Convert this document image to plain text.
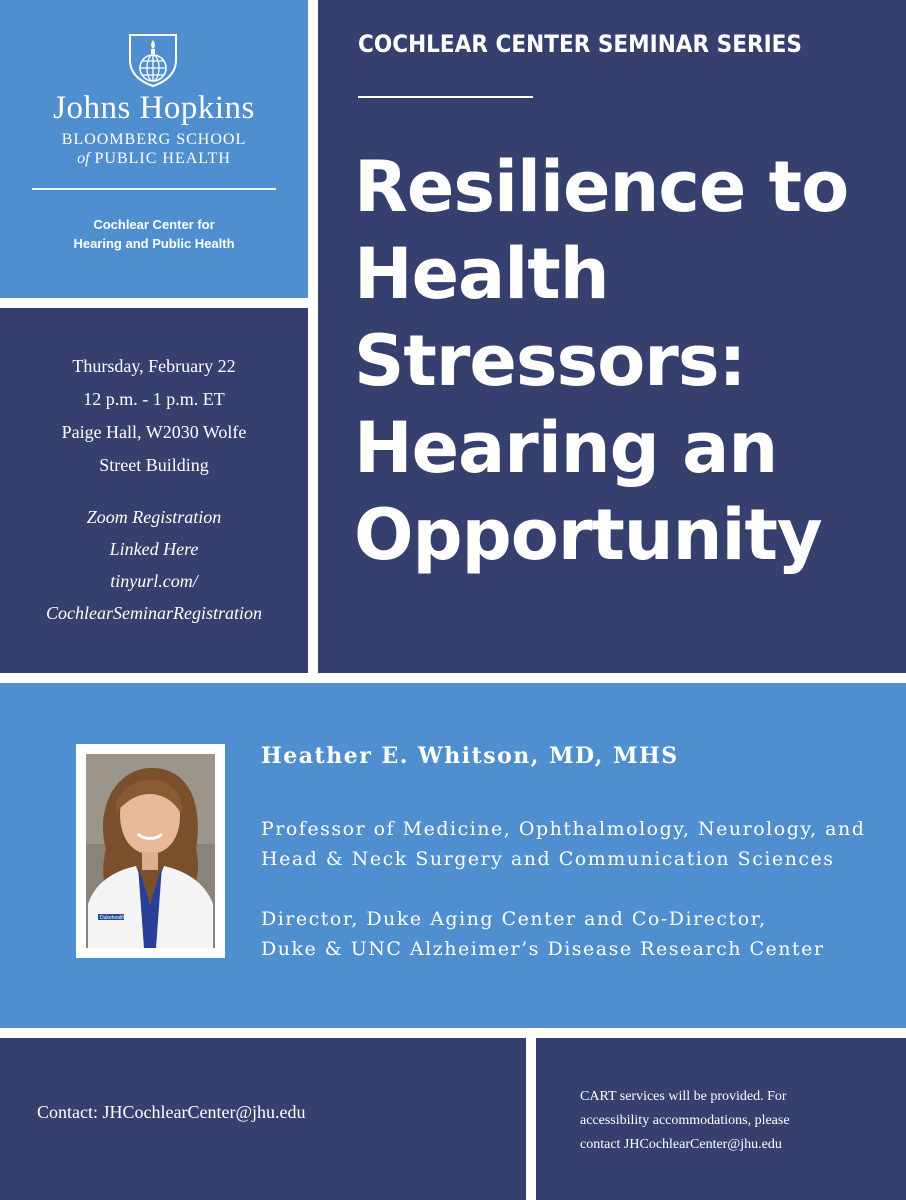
Johns Hopkins
BLOOMBERG SCHOOL
of PUBLIC HEALTH
Cochlear Center for
Hearing and Public Health
Thursday, February 22
12 p.m. - 1 p.m. ET
Paige Hall, W2030 Wolfe
Street Building
Zoom Registration
Linked Here
tinyurl.com/
CochlearSeminarRegistration
COCHLEAR CENTER SEMINAR SERIES
Resilience to
Health
Stressors:
Hearing an
Opportunity
Dukehealth
Heather E. Whitson, MD, MHS
Professor of Medicine, Ophthalmology, Neurology, and
Head & Neck Surgery and Communication Sciences
Director, Duke Aging Center and Co-Director,
Duke & UNC Alzheimer’s Disease Research Center
Contact: JHCochlearCenter@jhu.edu
CART services will be provided. For
accessibility accommodations, please
contact JHCochlearCenter@jhu.edu
